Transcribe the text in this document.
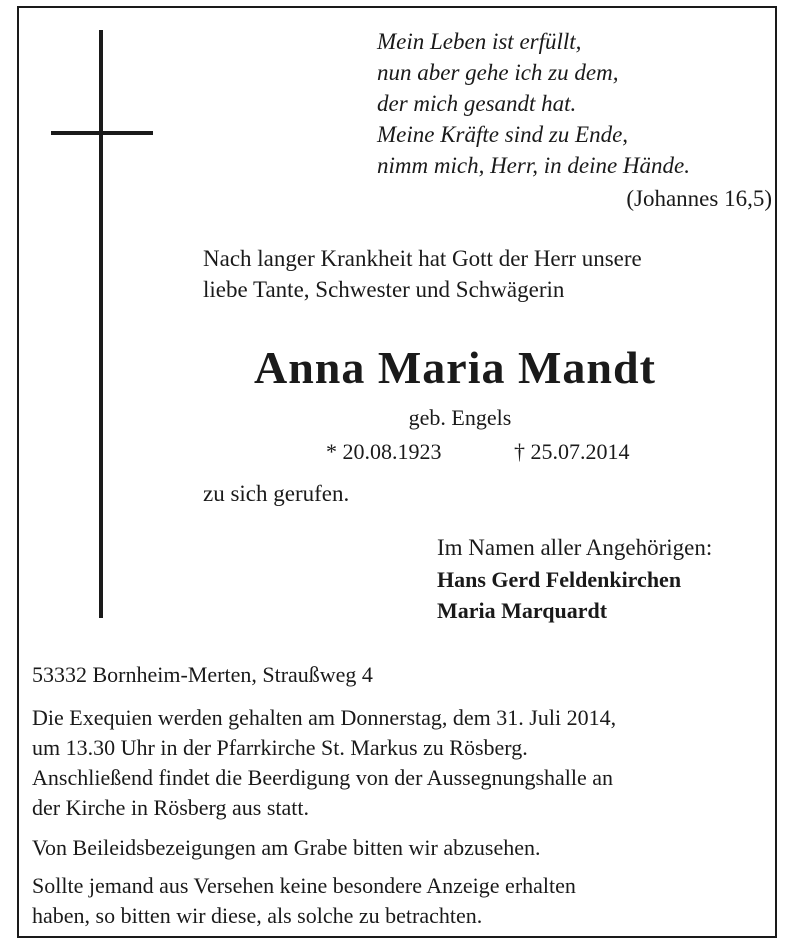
Mein Leben ist erfüllt,
nun aber gehe ich zu dem,
der mich gesandt hat.
Meine Kräfte sind zu Ende,
nimm mich, Herr, in deine Hände.
(Johannes 16,5)
Nach langer Krankheit hat Gott der Herr unsere
liebe Tante, Schwester und Schwägerin
Anna Maria Mandt
geb. Engels
* 20.08.1923	† 25.07.2014
zu sich gerufen.
Im Namen aller Angehörigen:
Hans Gerd Feldenkirchen
Maria Marquardt
53332 Bornheim-Merten, Straußweg 4
Die Exequien werden gehalten am Donnerstag, dem 31. Juli 2014,
um 13.30 Uhr in der Pfarrkirche St. Markus zu Rösberg.
Anschließend findet die Beerdigung von der Aussegnungshalle an
der Kirche in Rösberg aus statt.
Von Beileidsbezeigungen am Grabe bitten wir abzusehen.
Sollte jemand aus Versehen keine besondere Anzeige erhalten
haben, so bitten wir diese, als solche zu betrachten.
